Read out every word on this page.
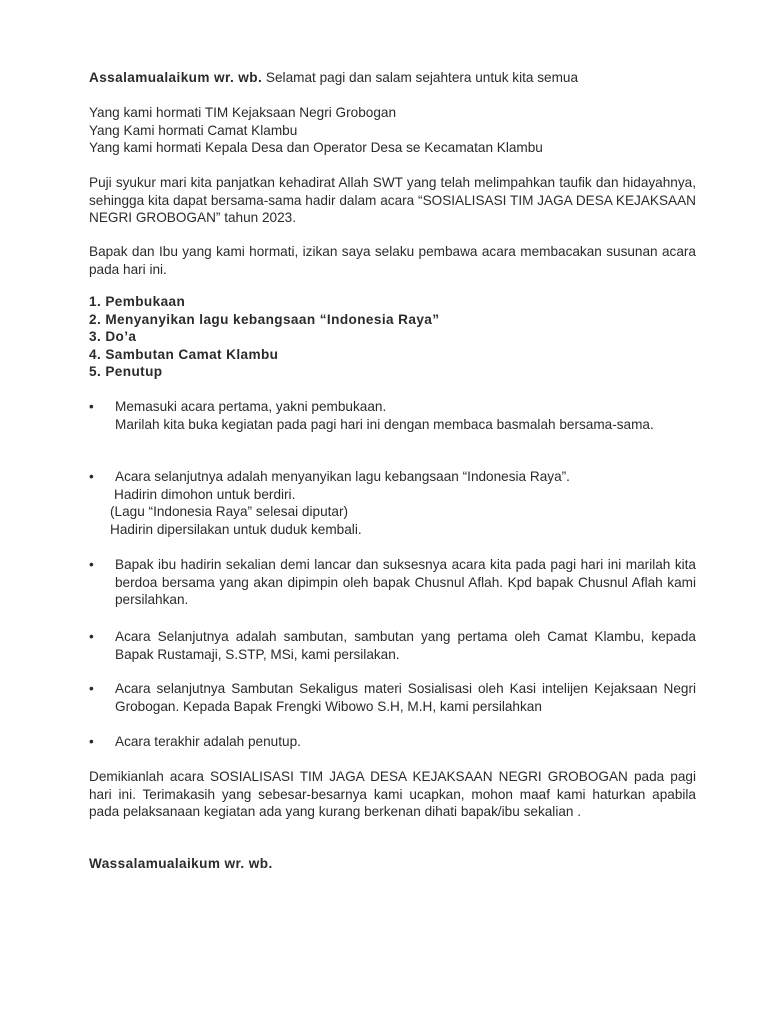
Assalamualaikum wr. wb. Selamat pagi dan salam sejahtera untuk kita semua

Yang kami hormati TIM Kejaksaan Negri Grobogan
Yang Kami hormati Camat Klambu
Yang kami hormati Kepala Desa dan Operator Desa se Kecamatan Klambu

Puji syukur mari kita panjatkan kehadirat Allah SWT yang telah melimpahkan taufik dan hidayahnya, sehingga kita dapat bersama-sama hadir dalam acara “SOSIALISASI TIM JAGA DESA KEJAKSAAN NEGRI GROBOGAN” tahun 2023.

Bapak dan Ibu yang kami hormati, izikan saya selaku pembawa acara membacakan susunan acara pada hari ini.

1. Pembukaan
2. Menyanyikan lagu kebangsaan “Indonesia Raya”
3. Do’a
4. Sambutan Camat Klambu
5. Penutup
•	Memasuki acara pertama, yakni pembukaan.
Marilah kita buka kegiatan pada pagi hari ini dengan membaca basmalah bersama-sama.
•	Acara selanjutnya adalah menyanyikan lagu kebangsaan “Indonesia Raya”.
Hadirin dimohon untuk berdiri.
(Lagu “Indonesia Raya” selesai diputar)
Hadirin dipersilakan untuk duduk kembali.
•	Bapak ibu hadirin sekalian demi lancar dan suksesnya acara kita pada pagi hari ini marilah kita berdoa bersama yang akan dipimpin oleh bapak Chusnul Aflah. Kpd bapak Chusnul Aflah kami persilahkan.
•	Acara Selanjutnya adalah sambutan, sambutan yang pertama oleh Camat Klambu, kepada Bapak Rustamaji, S.STP, MSi, kami persilakan.
•	Acara selanjutnya Sambutan Sekaligus materi Sosialisasi oleh Kasi intelijen Kejaksaan Negri Grobogan. Kepada Bapak Frengki Wibowo S.H, M.H, kami persilahkan
•	Acara terakhir adalah penutup.

Demikianlah acara SOSIALISASI TIM JAGA DESA KEJAKSAAN NEGRI GROBOGAN pada pagi hari ini. Terimakasih yang sebesar-besarnya kami ucapkan, mohon maaf kami haturkan apabila pada pelaksanaan kegiatan ada yang kurang berkenan dihati bapak/ibu sekalian .

Wassalamualaikum wr. wb.
